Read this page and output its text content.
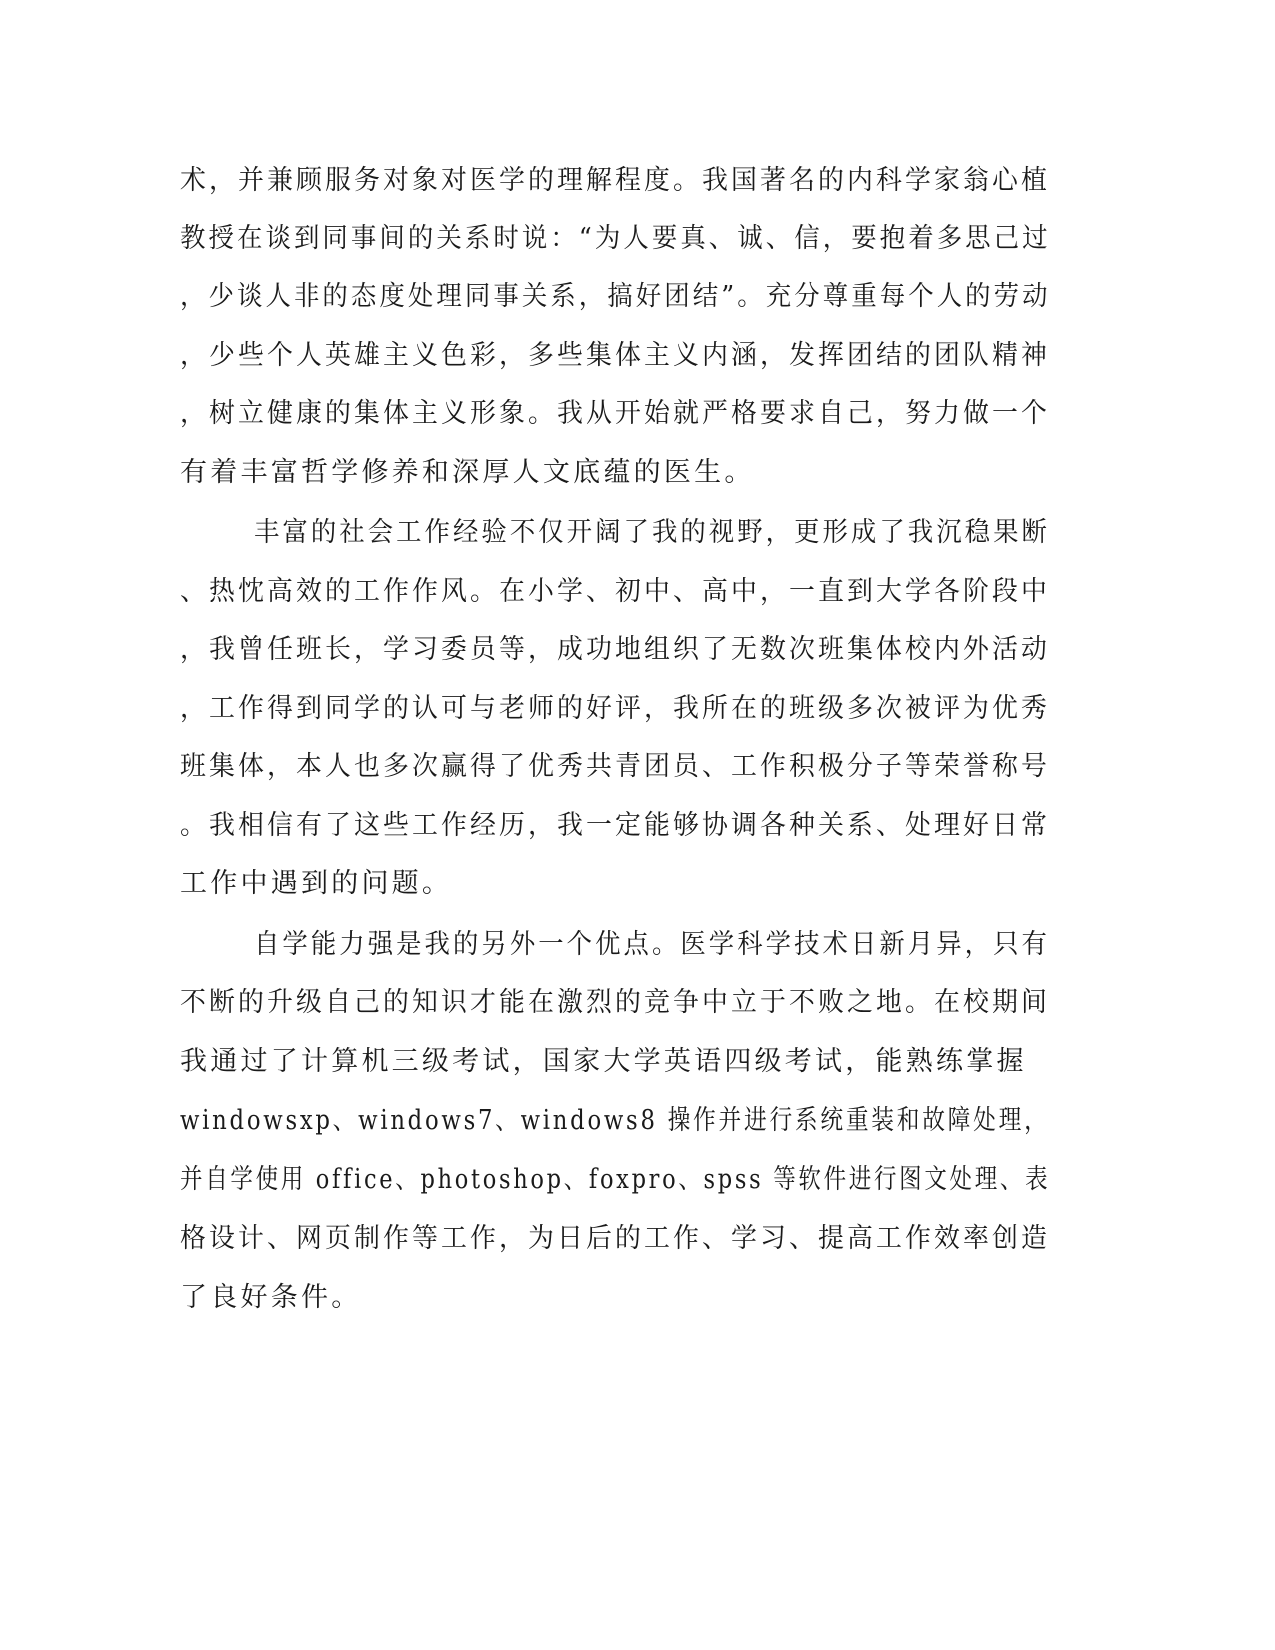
术，并兼顾服务对象对医学的理解程度。我国著名的内科学家翁心植
教授在谈到同事间的关系时说：“为人要真、诚、信，要抱着多思己过
，少谈人非的态度处理同事关系，搞好团结”。充分尊重每个人的劳动
，少些个人英雄主义色彩，多些集体主义内涵，发挥团结的团队精神
，树立健康的集体主义形象。我从开始就严格要求自己，努力做一个
有着丰富哲学修养和深厚人文底蕴的医生。
丰富的社会工作经验不仅开阔了我的视野，更形成了我沉稳果断
、热忱高效的工作作风。在小学、初中、高中，一直到大学各阶段中
，我曾任班长，学习委员等，成功地组织了无数次班集体校内外活动
，工作得到同学的认可与老师的好评，我所在的班级多次被评为优秀
班集体，本人也多次赢得了优秀共青团员、工作积极分子等荣誉称号
。我相信有了这些工作经历，我一定能够协调各种关系、处理好日常
工作中遇到的问题。
自学能力强是我的另外一个优点。医学科学技术日新月异，只有
不断的升级自己的知识才能在激烈的竞争中立于不败之地。在校期间
我通过了计算机三级考试，国家大学英语四级考试，能熟练掌握
windowsxp、windows7、windows8 操作并进行系统重装和故障处理，
并自学使用 office、photoshop、foxpro、spss 等软件进行图文处理、表
格设计、网页制作等工作，为日后的工作、学习、提高工作效率创造
了良好条件。
